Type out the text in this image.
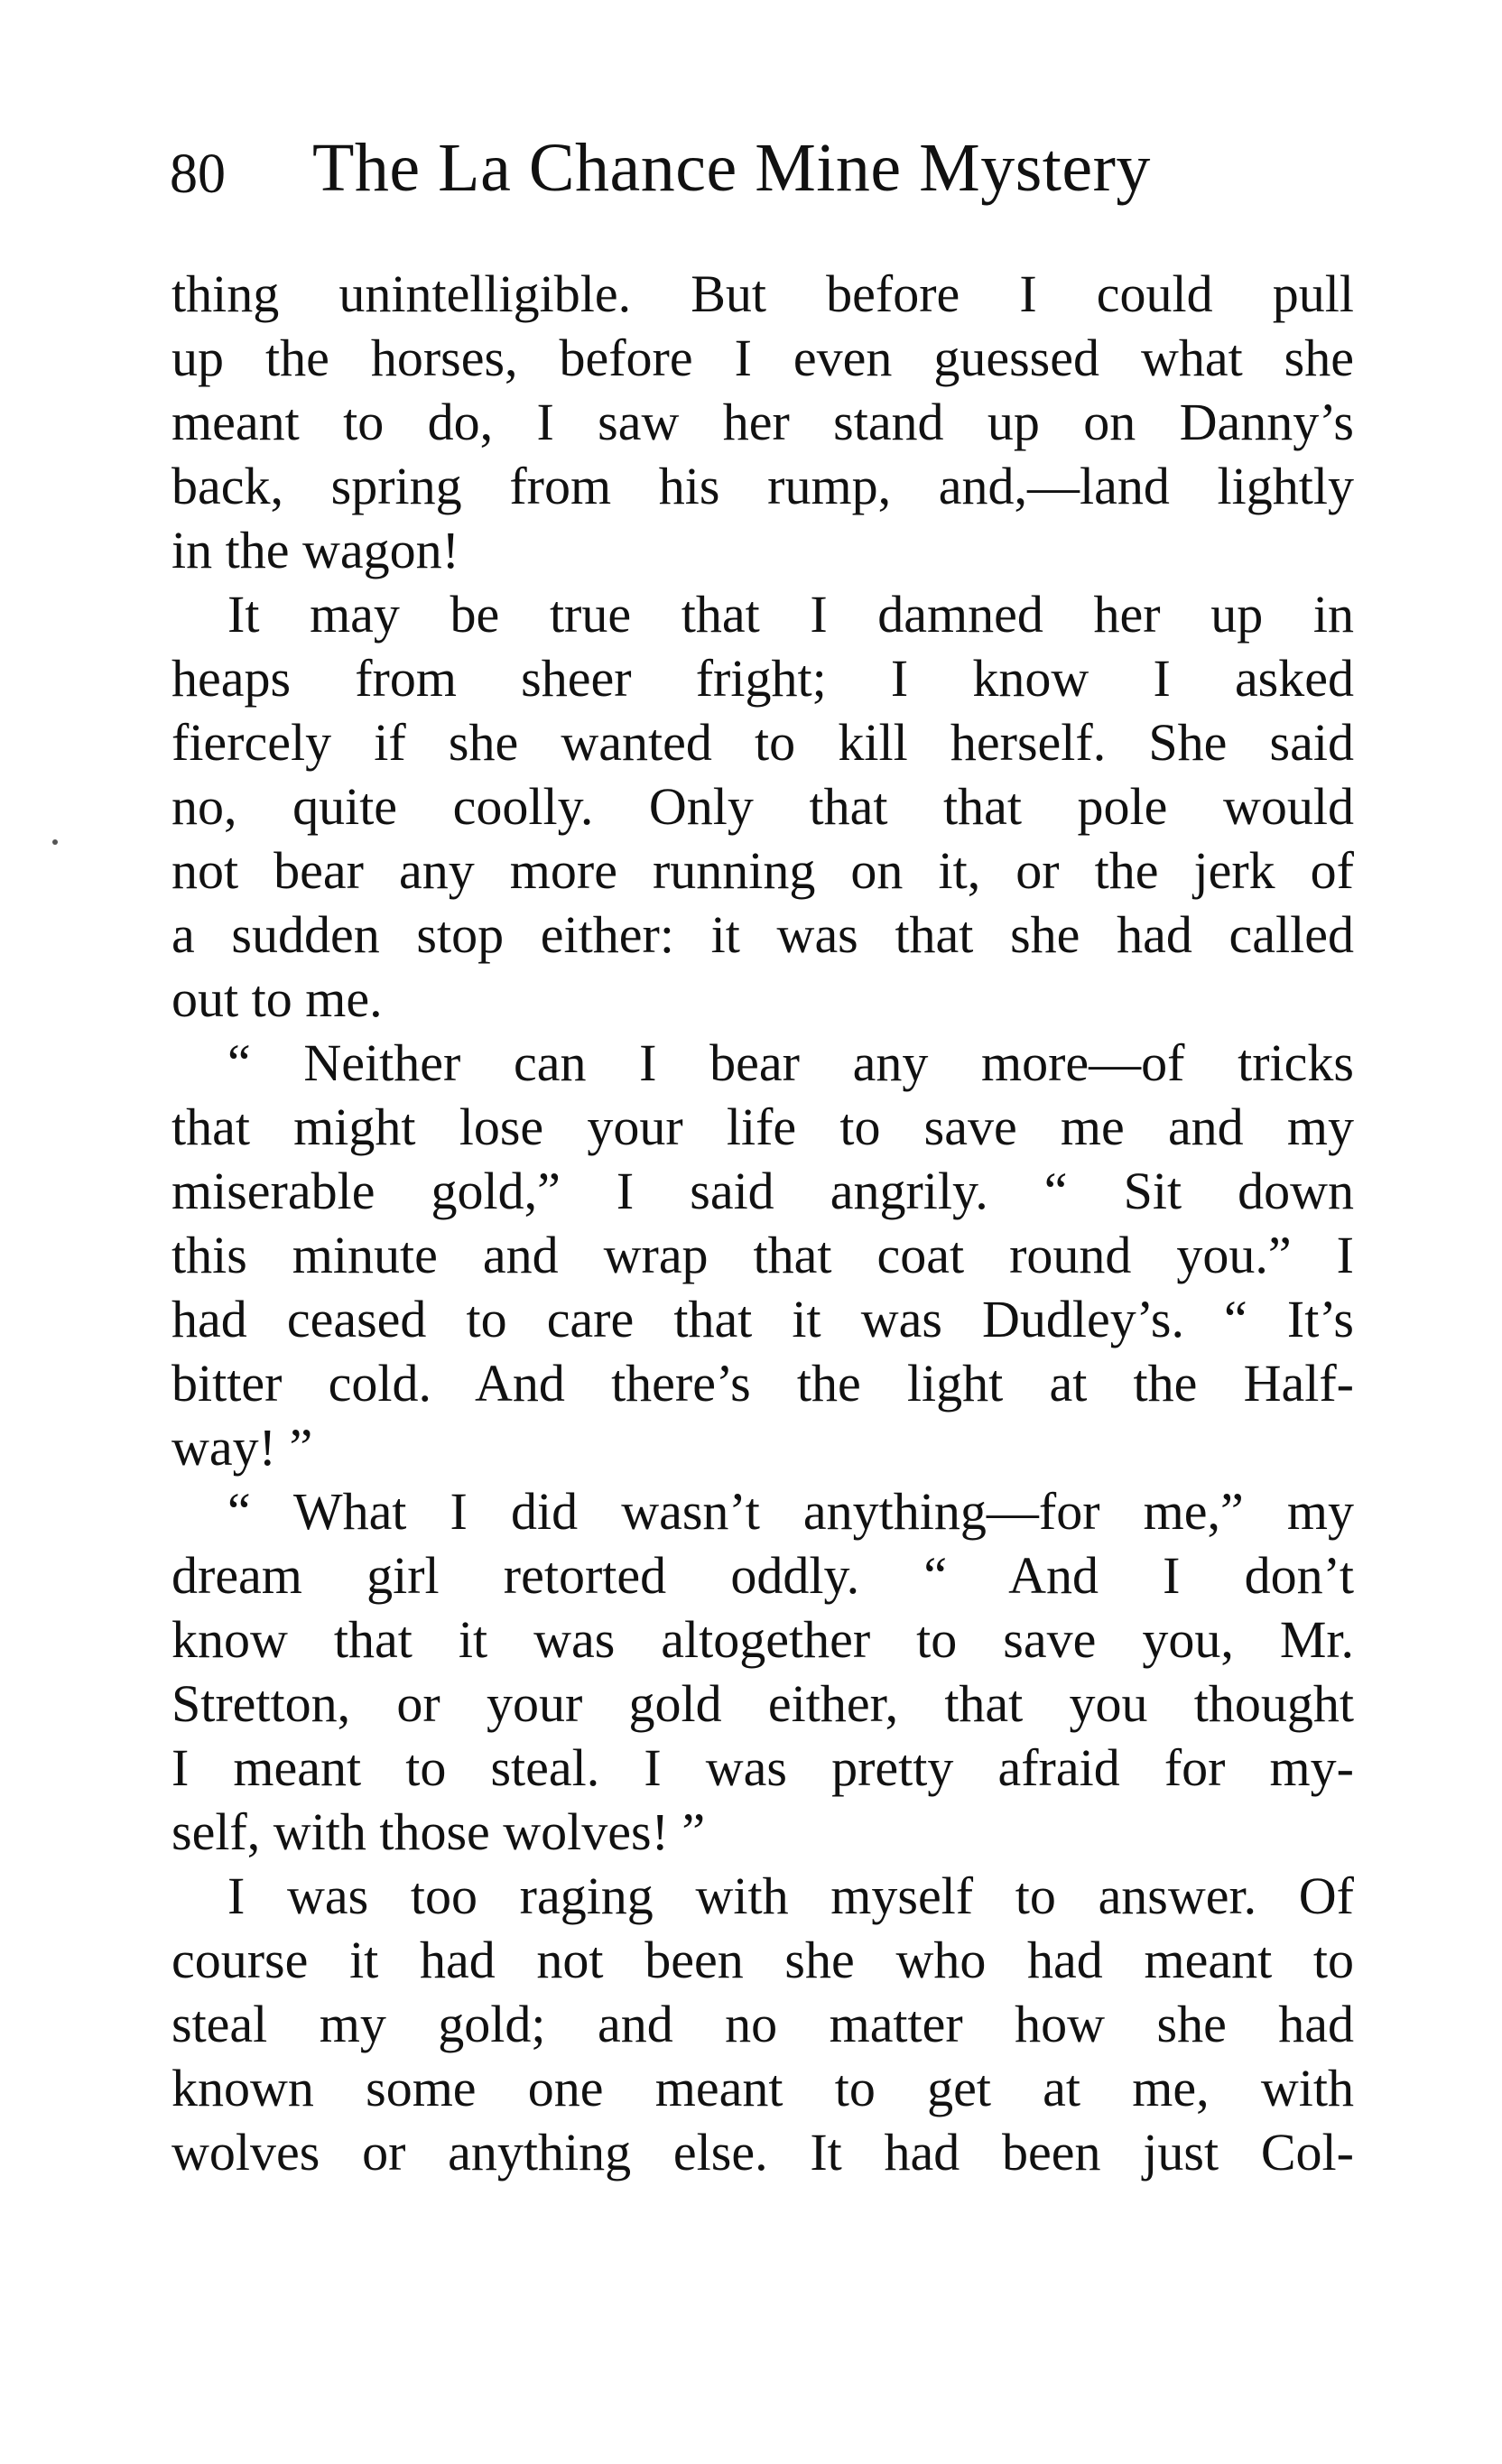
80 The La Chance Mine Mystery
thing unintelligible. But before I could pull
up the horses, before I even guessed what she
meant to do, I saw her stand up on Danny’s
back, spring from his rump, and,—land lightly
in the wagon!
It may be true that I damned her up in
heaps from sheer fright; I know I asked
fiercely if she wanted to kill herself. She said
no, quite coolly. Only that that pole would
not bear any more running on it, or the jerk of
a sudden stop either: it was that she had called
out to me.
“ Neither can I bear any more—of tricks
that might lose your life to save me and my
miserable gold,” I said angrily. “ Sit down
this minute and wrap that coat round you.” I
had ceased to care that it was Dudley’s. “ It’s
bitter cold. And there’s the light at the Half-
way! ”
“ What I did wasn’t anything—for me,” my
dream girl retorted oddly. “ And I don’t
know that it was altogether to save you, Mr.
Stretton, or your gold either, that you thought
I meant to steal. I was pretty afraid for my-
self, with those wolves! ”
I was too raging with myself to answer. Of
course it had not been she who had meant to
steal my gold; and no matter how she had
known some one meant to get at me, with
wolves or anything else. It had been just Col-
